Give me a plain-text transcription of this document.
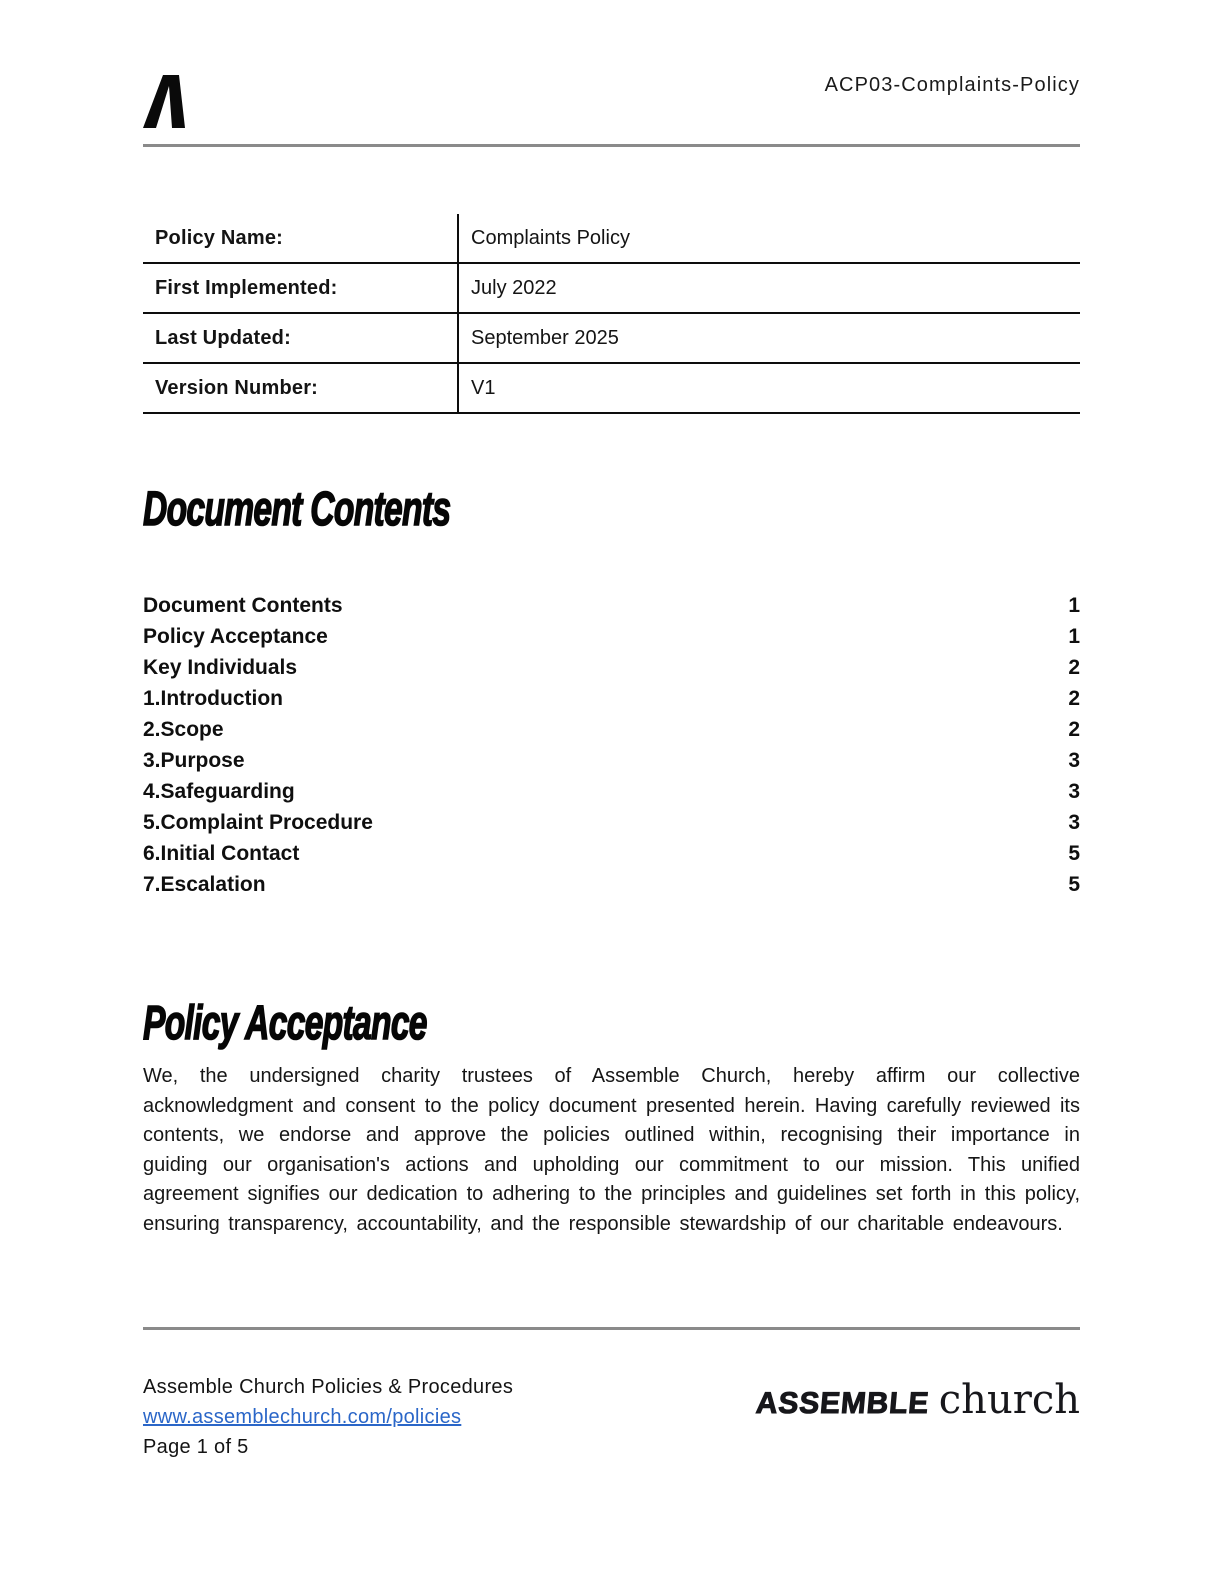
ACP03-Complaints-Policy
Policy Name:	Complaints Policy
First Implemented:	July 2022
Last Updated:	September 2025
Version Number:	V1
Document Contents
Document Contents	1
Policy Acceptance	1
Key Individuals	2
1.Introduction	2
2.Scope	2
3.Purpose	3
4.Safeguarding	3
5.Complaint Procedure	3
6.Initial Contact	5
7.Escalation	5
Policy Acceptance

We, the undersigned charity trustees of Assemble Church, hereby affirm our collective acknowledgment and consent to the policy document presented herein. Having carefully reviewed its contents, we endorse and approve the policies outlined within, recognising their importance in guiding our organisation's actions and upholding our commitment to our mission. This unified agreement signifies our dedication to adhering to the principles and guidelines set forth in this policy, ensuring transparency, accountability, and the responsible stewardship of our charitable endeavours.

Assemble Church Policies & Procedures
www.assemblechurch.com/policies
Page 1 of 5
ASSEMBLE church
